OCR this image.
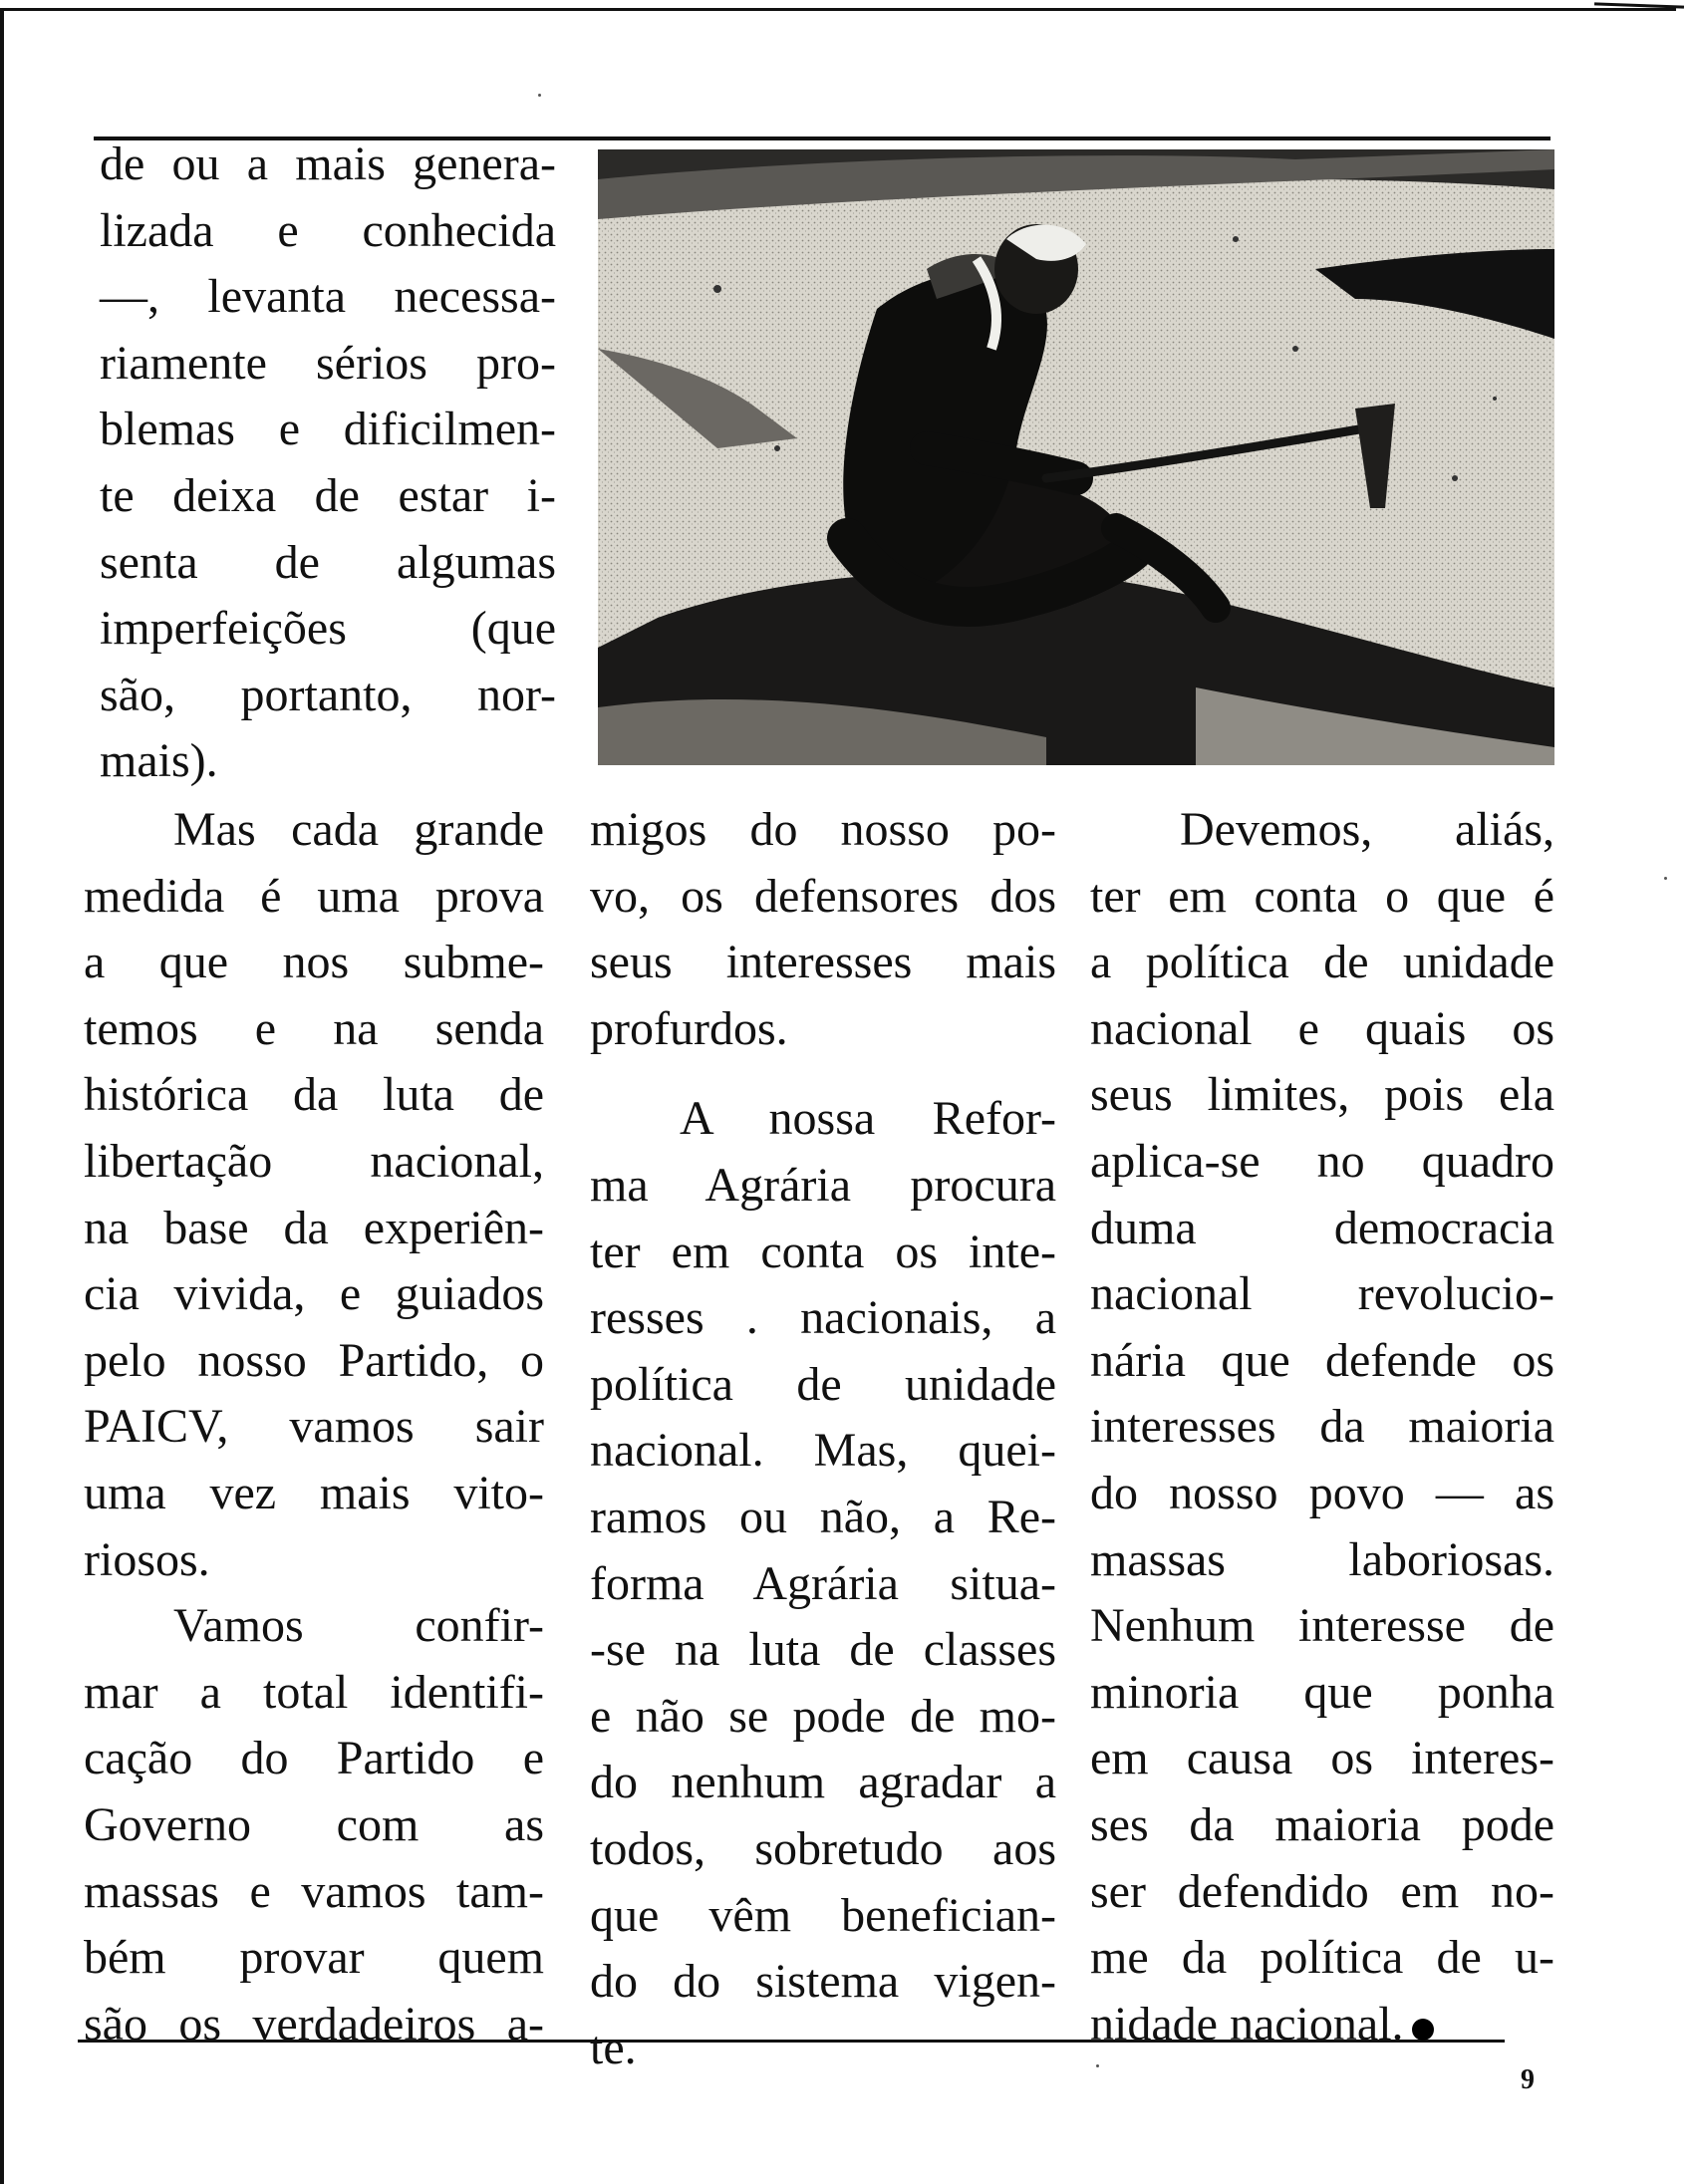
de ou a mais genera-
lizada e conhecida
—, levanta necessa-
riamente sérios pro-
blemas e dificilmen-
te deixa de estar i-
senta de algumas
imperfeições (que
são, portanto, nor-
mais).
Mas cada grande
medida é uma prova
a que nos subme-
temos e na senda
histórica da luta de
libertação nacional,
na base da experiên-
cia vivida, e guiados
pelo nosso Partido, o
PAICV, vamos sair
uma vez mais vito-
riosos.
Vamos confir-
mar a total identifi-
cação do Partido e
Governo com as
massas e vamos tam-
bém provar quem
são os verdadeiros a-
migos do nosso po-
vo, os defensores dos
seus interesses mais
profurdos.
A nossa Refor-
ma Agrária procura
ter em conta os inte-
resses . nacionais, a
política de unidade
nacional. Mas, quei-
ramos ou não, a Re-
forma Agrária situa-
-se na luta de classes
e não se pode de mo-
do nenhum agradar a
todos, sobretudo aos
que vêm benefician-
do do sistema vigen-
te.
Devemos, aliás,
ter em conta o que é
a política de unidade
nacional e quais os
seus limites, pois ela
aplica-se no quadro
duma democracia
nacional revolucio-
nária que defende os
interesses da maioria
do nosso povo — as
massas laboriosas.
Nenhum interesse de
minoria que ponha
em causa os interes-
ses da maioria pode
ser defendido em no-
me da política de u-
nidade nacional.
9
